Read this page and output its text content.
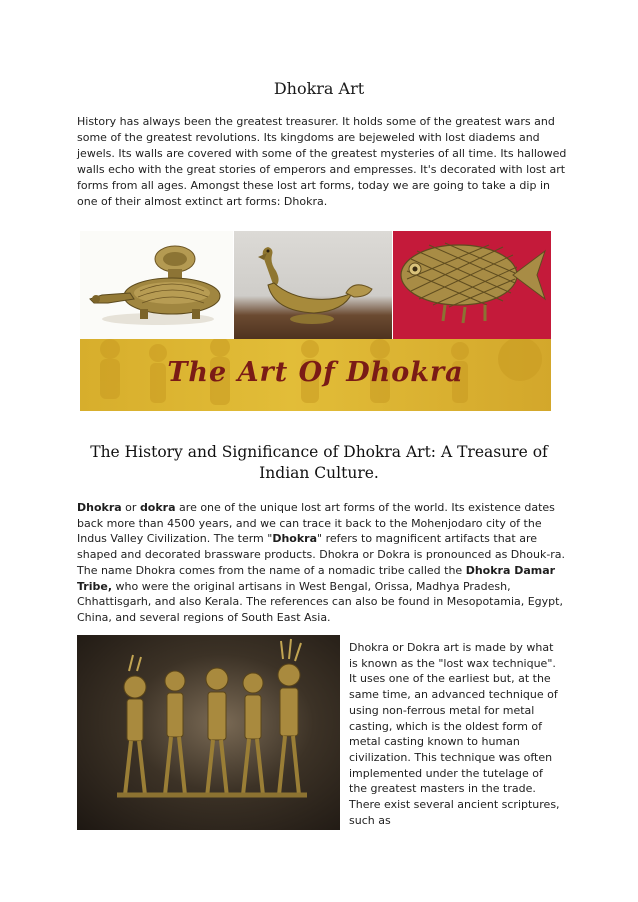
Dhokra Art

History has always been the greatest treasurer. It holds some of the greatest wars and some of the greatest revolutions. Its kingdoms are bejeweled with lost diadems and jewels. Its walls are covered with some of the greatest mysteries of all time. Its hallowed walls echo with the great stories of emperors and empresses. It's decorated with lost art forms from all ages. Amongst these lost art forms, today we are going to take a dip in one of their almost extinct art forms: Dhokra.

The Art Of Dhokra
The History and Significance of Dhokra Art: A Treasure of Indian Culture.

Dhokra or dokra are one of the unique lost art forms of the world. Its existence dates back more than 4500 years, and we can trace it back to the Mohenjodaro city of the Indus Valley Civilization. The term "Dhokra" refers to magnificent artifacts that are shaped and decorated brassware products. Dhokra or Dokra is pronounced as Dhouk-ra. The name Dhokra comes from the name of a nomadic tribe called the Dhokra Damar Tribe, who were the original artisans in West Bengal, Orissa, Madhya Pradesh, Chhattisgarh, and also Kerala. The references can also be found in Mesopotamia, Egypt, China, and several regions of South East Asia.

Dhokra or Dokra art is made by what is known as the "lost wax technique". It uses one of the earliest but, at the same time, an advanced technique of using non-ferrous metal for metal casting, which is the oldest form of metal casting known to human civilization. This technique was often implemented under the tutelage of the greatest masters in the trade. There exist several ancient scriptures, such as
